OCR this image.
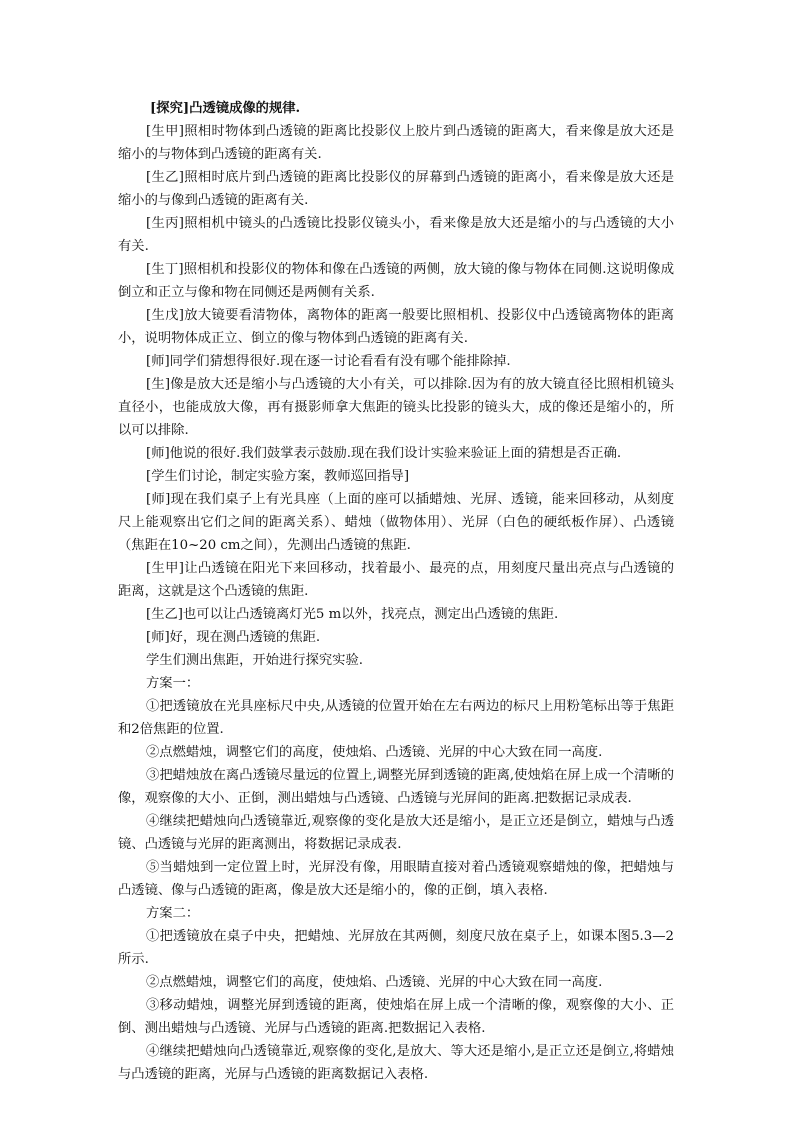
[探究]凸透镜成像的规律.

[生甲]照相时物体到凸透镜的距离比投影仪上胶片到凸透镜的距离大，看来像是放大还是缩小的与物体到凸透镜的距离有关.

[生乙]照相时底片到凸透镜的距离比投影仪的屏幕到凸透镜的距离小，看来像是放大还是缩小的与像到凸透镜的距离有关.

[生丙]照相机中镜头的凸透镜比投影仪镜头小，看来像是放大还是缩小的与凸透镜的大小有关.

[生丁]照相机和投影仪的物体和像在凸透镜的两侧，放大镜的像与物体在同侧.这说明像成倒立和正立与像和物在同侧还是两侧有关系.

[生戊]放大镜要看清物体，离物体的距离一般要比照相机、投影仪中凸透镜离物体的距离小，说明物体成正立、倒立的像与物体到凸透镜的距离有关.

[师]同学们猜想得很好.现在逐一讨论看看有没有哪个能排除掉.

[生]像是放大还是缩小与凸透镜的大小有关，可以排除.因为有的放大镜直径比照相机镜头直径小，也能成放大像，再有摄影师拿大焦距的镜头比投影的镜头大，成的像还是缩小的，所以可以排除.

[师]他说的很好.我们鼓掌表示鼓励.现在我们设计实验来验证上面的猜想是否正确.

[学生们讨论，制定实验方案，教师巡回指导]

[师]现在我们桌子上有光具座（上面的座可以插蜡烛、光屏、透镜，能来回移动，从刻度尺上能观察出它们之间的距离关系）、蜡烛（做物体用）、光屏（白色的硬纸板作屏）、凸透镜（焦距在10~20 cm之间），先测出凸透镜的焦距.

[生甲]让凸透镜在阳光下来回移动，找着最小、最亮的点，用刻度尺量出亮点与凸透镜的距离，这就是这个凸透镜的焦距.

[生乙]也可以让凸透镜离灯光5 m以外，找亮点，测定出凸透镜的焦距.

[师]好，现在测凸透镜的焦距.

学生们测出焦距，开始进行探究实验.

方案一：

①把透镜放在光具座标尺中央,从透镜的位置开始在左右两边的标尺上用粉笔标出等于焦距和2倍焦距的位置.

②点燃蜡烛，调整它们的高度，使烛焰、凸透镜、光屏的中心大致在同一高度.

③把蜡烛放在离凸透镜尽量远的位置上,调整光屏到透镜的距离,使烛焰在屏上成一个清晰的像，观察像的大小、正倒，测出蜡烛与凸透镜、凸透镜与光屏间的距离.把数据记录成表.

④继续把蜡烛向凸透镜靠近,观察像的变化是放大还是缩小，是正立还是倒立，蜡烛与凸透镜、凸透镜与光屏的距离测出，将数据记录成表.

⑤当蜡烛到一定位置上时，光屏没有像，用眼睛直接对着凸透镜观察蜡烛的像，把蜡烛与凸透镜、像与凸透镜的距离，像是放大还是缩小的，像的正倒，填入表格.

方案二：

①把透镜放在桌子中央，把蜡烛、光屏放在其两侧，刻度尺放在桌子上，如课本图5.3—2所示.

②点燃蜡烛，调整它们的高度，使烛焰、凸透镜、光屏的中心大致在同一高度.

③移动蜡烛，调整光屏到透镜的距离，使烛焰在屏上成一个清晰的像，观察像的大小、正倒、测出蜡烛与凸透镜、光屏与凸透镜的距离.把数据记入表格.

④继续把蜡烛向凸透镜靠近,观察像的变化,是放大、等大还是缩小,是正立还是倒立,将蜡烛与凸透镜的距离，光屏与凸透镜的距离数据记入表格.
